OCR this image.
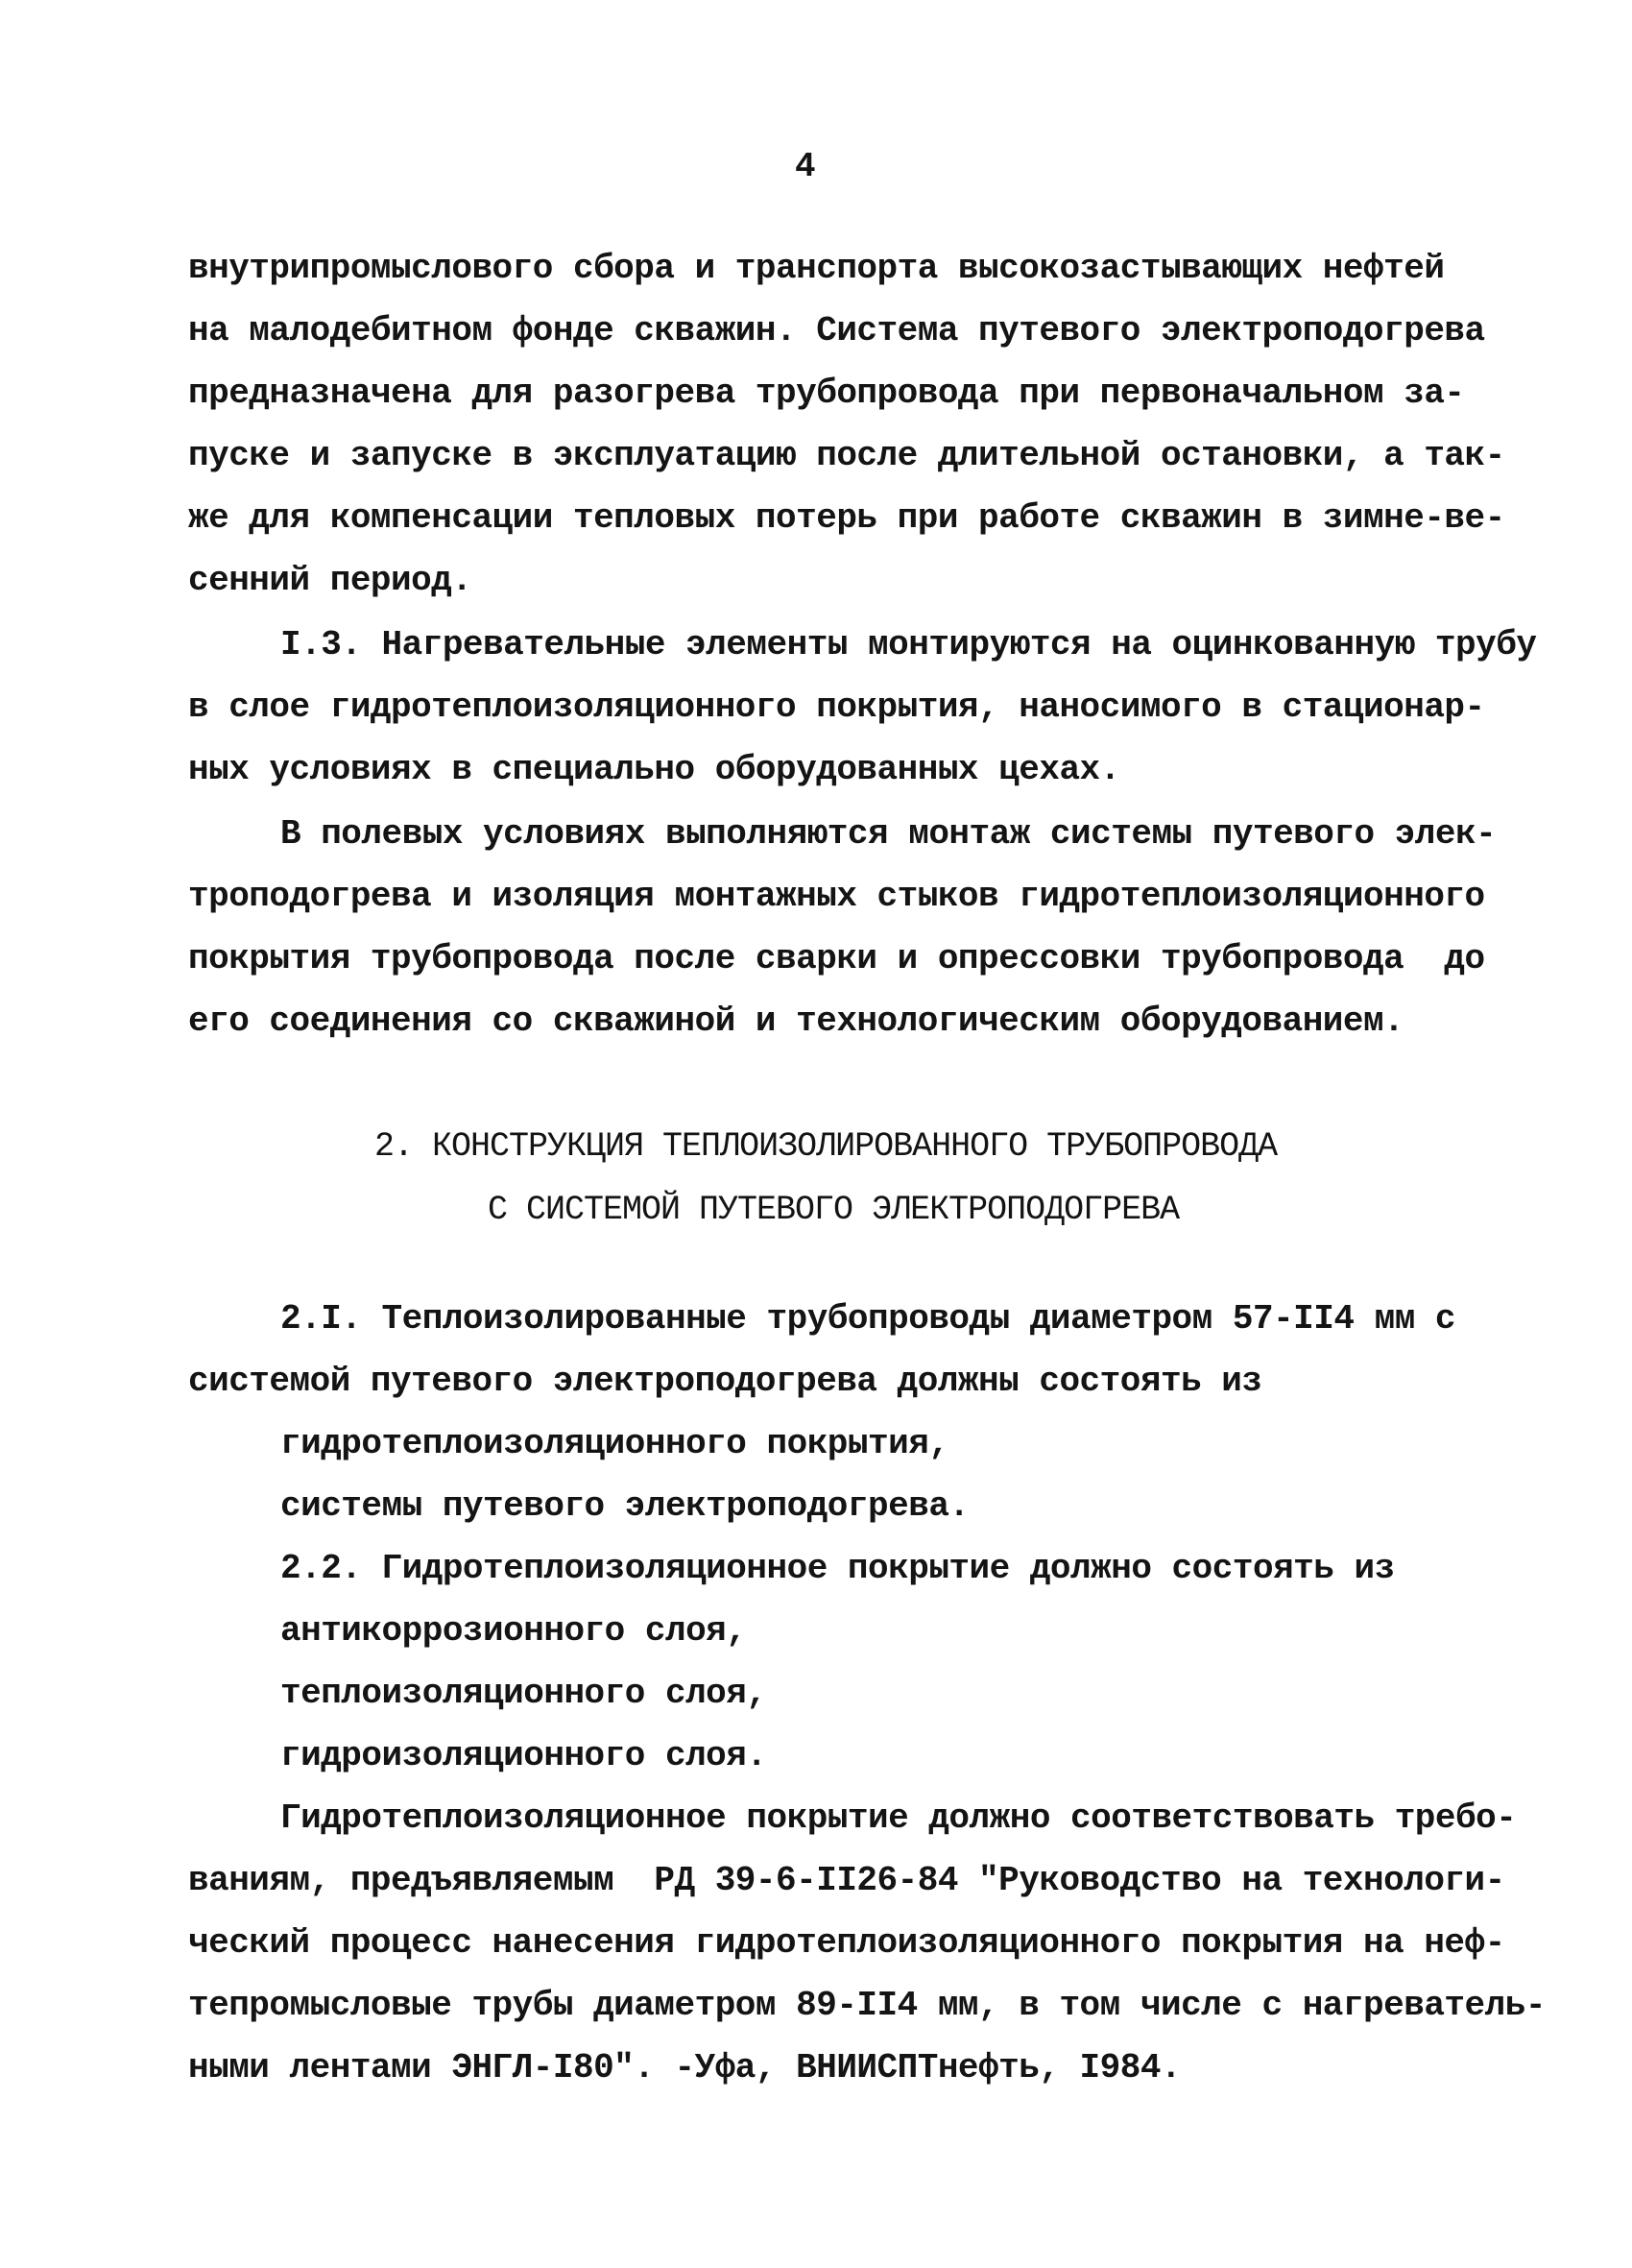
4
внутрипромыслового сбора и транспорта высокозастывающих нефтей
на малодебитном фонде скважин. Система путевого электроподогрева
предназначена для разогрева трубопровода при первоначальном за-
пуске и запуске в эксплуатацию после длительной остановки, а так-
же для компенсации тепловых потерь при работе скважин в зимне-ве-
сенний период.
I.3. Нагревательные элементы монтируются на оцинкованную трубу
в слое гидротеплоизоляционного покрытия, наносимого в стационар-
ных условиях в специально оборудованных цехах.
В полевых условиях выполняются монтаж системы путевого элек-
троподогрева и изоляция монтажных стыков гидротеплоизоляционного
покрытия трубопровода после сварки и опрессовки трубопровода  до
его соединения со скважиной и технологическим оборудованием.
2. КОНСТРУКЦИЯ ТЕПЛОИЗОЛИРОВАННОГО ТРУБОПРОВОДА
С СИСТЕМОЙ ПУТЕВОГО ЭЛЕКТРОПОДОГРЕВА
2.I. Теплоизолированные трубопроводы диаметром 57-II4 мм с
системой путевого электроподогрева должны состоять из
гидротеплоизоляционного покрытия,
системы путевого электроподогрева.
2.2. Гидротеплоизоляционное покрытие должно состоять из
антикоррозионного слоя,
теплоизоляционного слоя,
гидроизоляционного слоя.
Гидротеплоизоляционное покрытие должно соответствовать требо-
ваниям, предъявляемым  РД 39-6-II26-84 "Руководство на технологи-
ческий процесс нанесения гидротеплоизоляционного покрытия на неф-
тепромысловые трубы диаметром 89-II4 мм, в том числе с нагреватель-
ными лентами ЭНГЛ-I80". -Уфа, ВНИИСПТнефть, I984.
